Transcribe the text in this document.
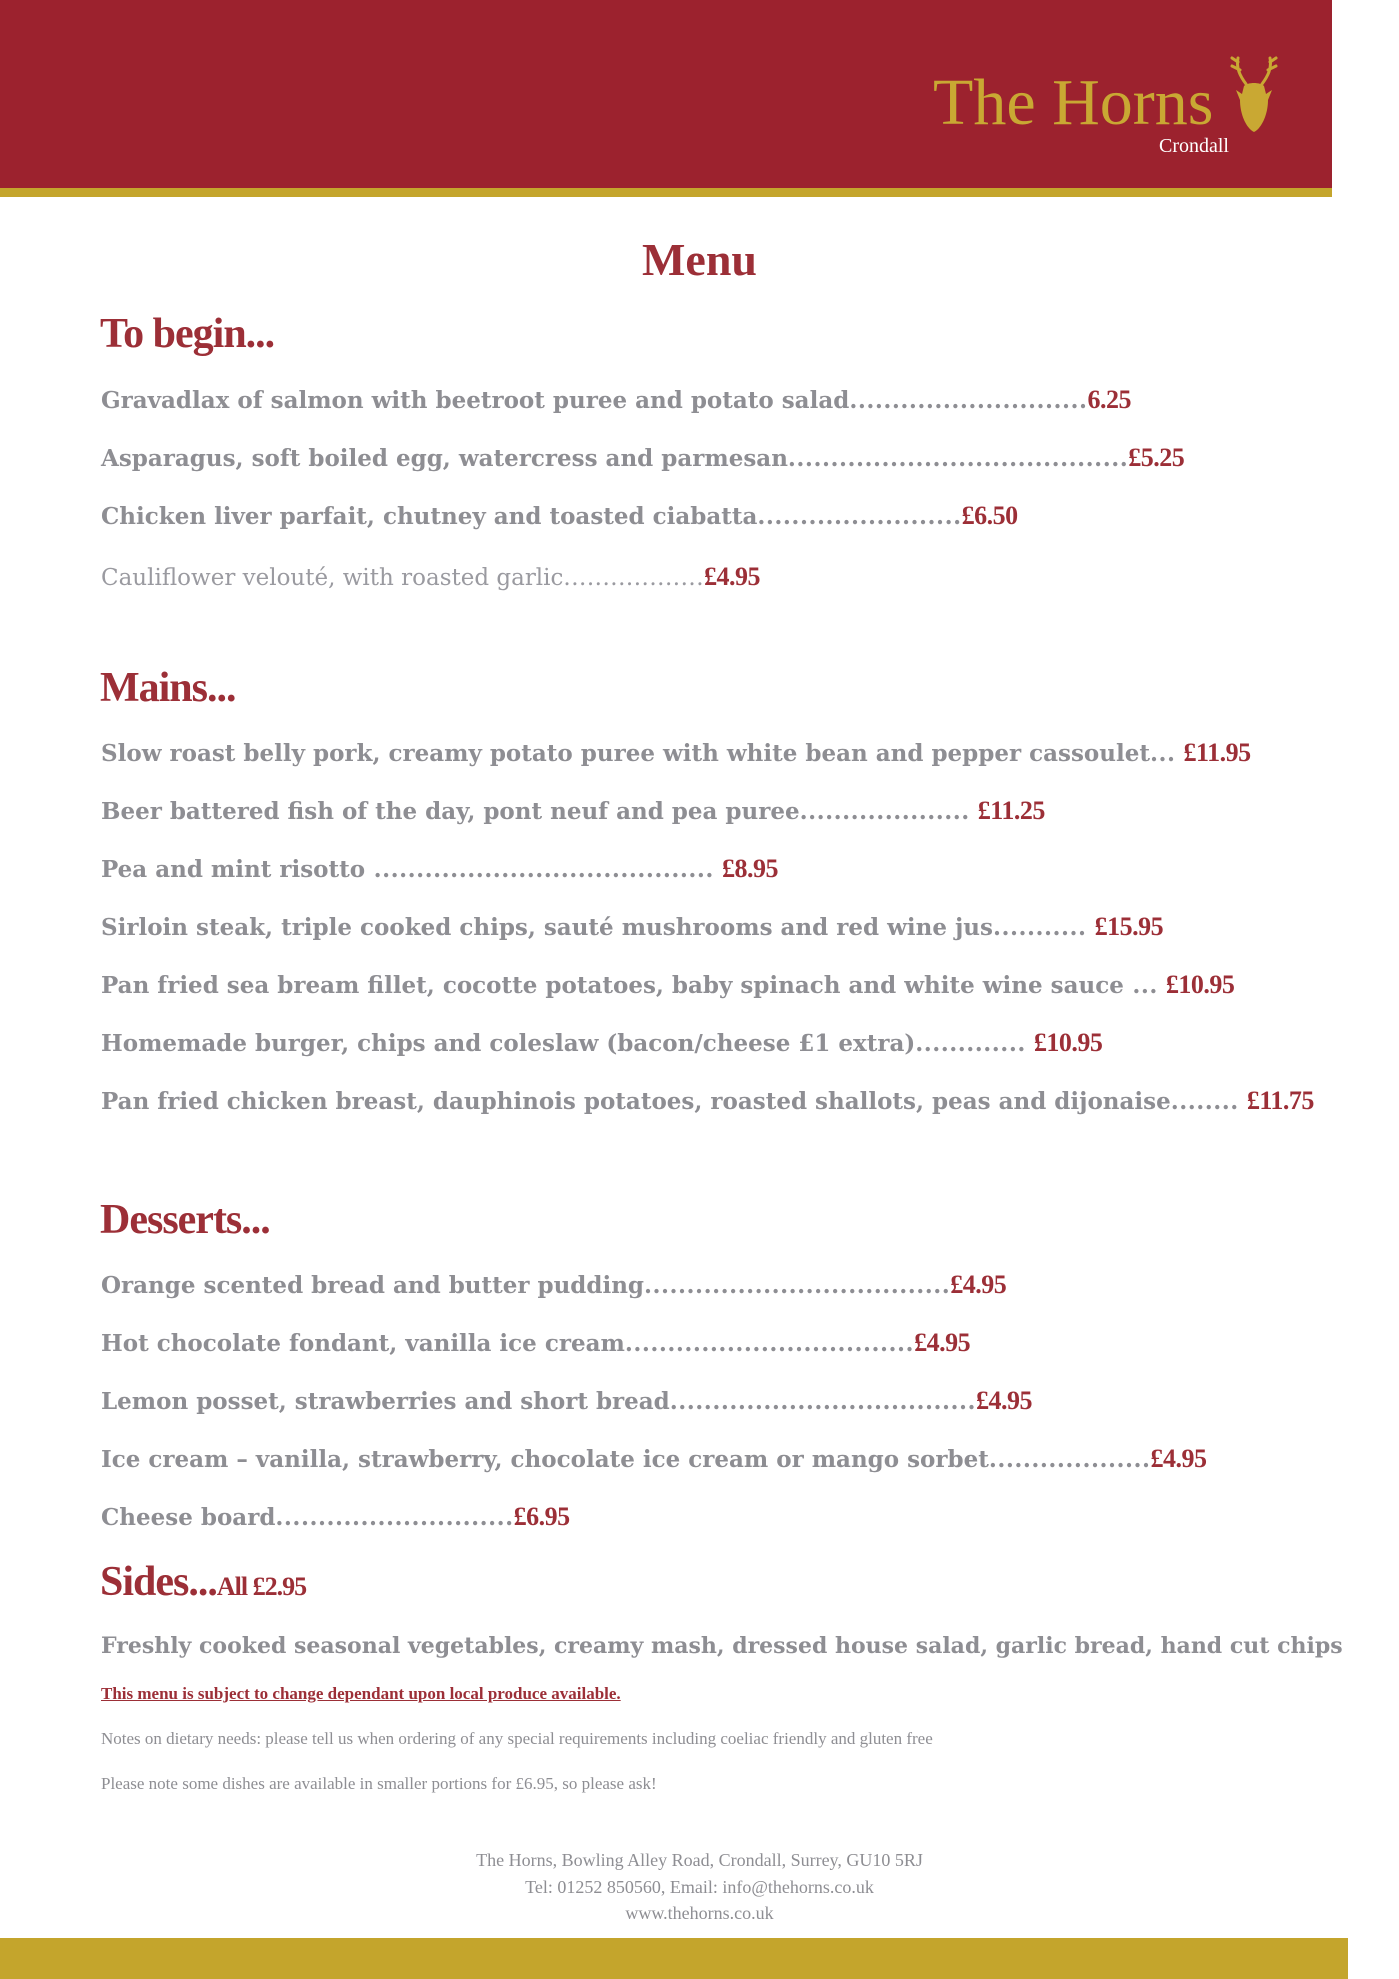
The Horns
Crondall
Menu
To begin...
Gravadlax of salmon with beetroot puree and potato salad............................6.25
Asparagus, soft boiled egg, watercress and parmesan........................................£5.25
Chicken liver parfait, chutney and toasted ciabatta........................£6.50
Cauliflower velouté, with roasted garlic..................£4.95
Mains...
Slow roast belly pork, creamy potato puree with white bean and pepper cassoulet... £11.95
Beer battered fish of the day, pont neuf and pea puree.................... £11.25
Pea and mint risotto ........................................ £8.95
Sirloin steak, triple cooked chips, sauté mushrooms and red wine jus........... £15.95
Pan fried sea bream fillet, cocotte potatoes, baby spinach and white wine sauce ... £10.95
Homemade burger, chips and coleslaw (bacon/cheese £1 extra)............. £10.95
Pan fried chicken breast, dauphinois potatoes, roasted shallots, peas and dijonaise........ £11.75
Desserts...
Orange scented bread and butter pudding....................................£4.95
Hot chocolate fondant, vanilla ice cream..................................£4.95
Lemon posset, strawberries and short bread....................................£4.95
Ice cream – vanilla, strawberry, chocolate ice cream or mango sorbet...................£4.95
Cheese board............................£6.95
Sides...All £2.95
Freshly cooked seasonal vegetables, creamy mash, dressed house salad, garlic bread, hand cut chips
This menu is subject to change dependant upon local produce available.
Notes on dietary needs: please tell us when ordering of any special requirements including coeliac friendly and gluten free
Please note some dishes are available in smaller portions for £6.95, so please ask!
The Horns, Bowling Alley Road, Crondall, Surrey, GU10 5RJ
Tel: 01252 850560, Email: info@thehorns.co.uk
www.thehorns.co.uk
